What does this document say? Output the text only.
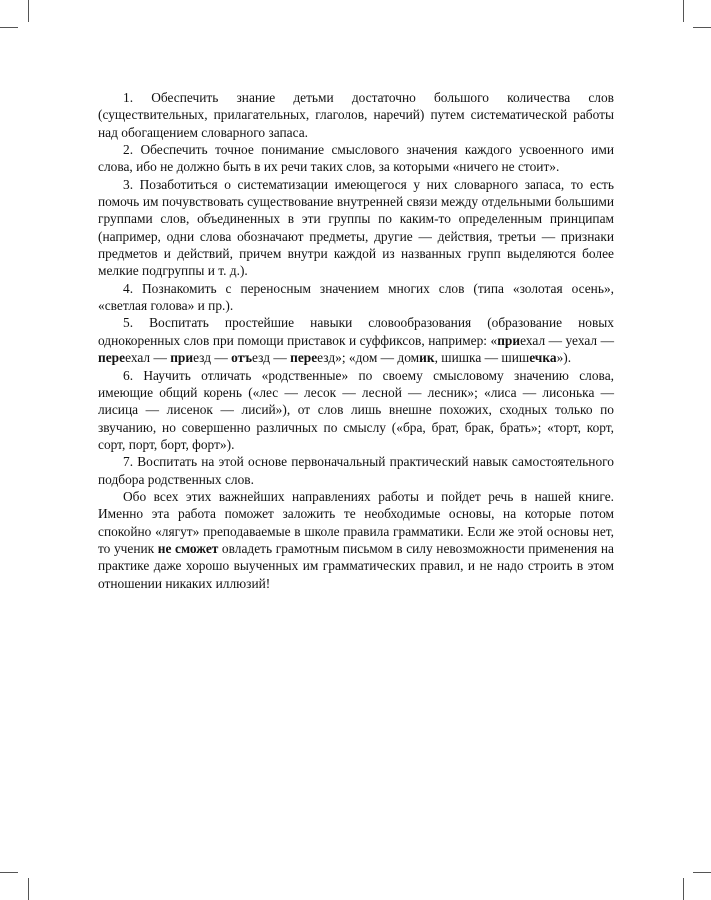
1. Обеспечить знание детьми достаточно большого количества слов (существительных, прилагательных, глаголов, наречий) путем систематической работы над обогащением словарного запаса.

2. Обеспечить точное понимание смыслового значения каждого усвоенного ими слова, ибо не должно быть в их речи таких слов, за которыми «ничего не стоит».

3. Позаботиться о систематизации имеющегося у них словарного запаса, то есть помочь им почувствовать существование внутренней связи между отдельными большими группами слов, объединенных в эти группы по каким-то определенным принципам (например, одни слова обозначают предметы, другие — действия, третьи — признаки предметов и действий, причем внутри каждой из названных групп выделяются более мелкие подгруппы и т. д.).

4. Познакомить с переносным значением многих слов (типа «золотая осень», «светлая голова» и пр.).

5. Воспитать простейшие навыки словообразования (образование новых однокоренных слов при помощи приставок и суффиксов, например: «приехал — уехал — переехал — приезд — отъезд — переезд»; «дом — домик, шишка — шишечка»).

6. Научить отличать «родственные» по своему смысловому значению слова, имеющие общий корень («лес — лесок — лесной — лесник»; «лиса — лисонька — лисица — лисенок — лисий»), от слов лишь внешне похожих, сходных только по звучанию, но совершенно различных по смыслу («бра, брат, брак, брать»; «торт, корт, сорт, порт, борт, форт»).

7. Воспитать на этой основе первоначальный практический навык самостоятельного подбора родственных слов.

Обо всех этих важнейших направлениях работы и пойдет речь в нашей книге. Именно эта работа поможет заложить те необходимые основы, на которые потом спокойно «лягут» преподаваемые в школе правила грамматики. Если же этой основы нет, то ученик не сможет овладеть грамотным письмом в силу невозможности применения на практике даже хорошо выученных им грамматических правил, и не надо строить в этом отношении никаких иллюзий!
